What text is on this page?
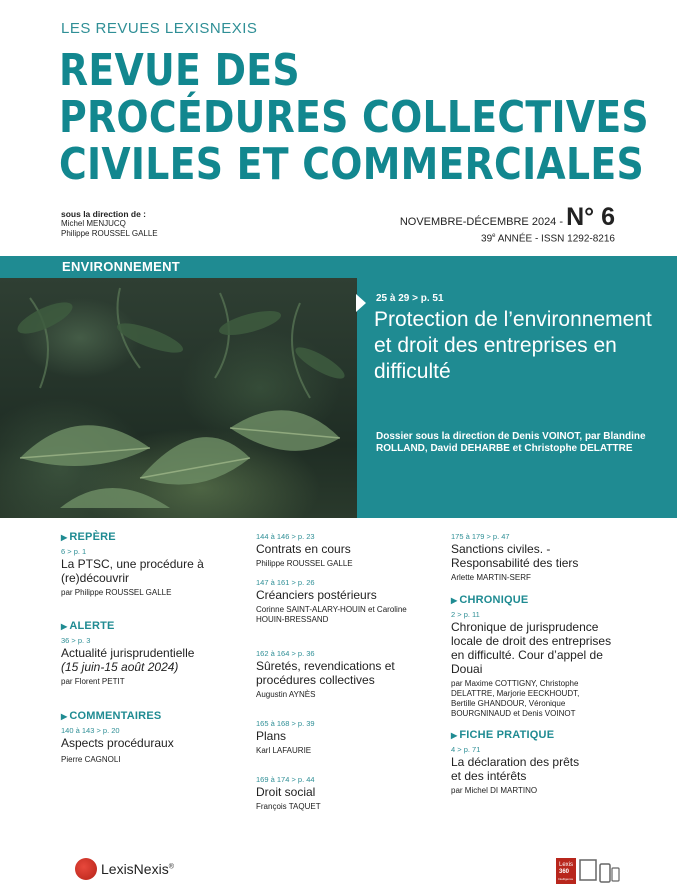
LES REVUES LEXISNEXIS
REVUE DES
PROCÉDURES COLLECTIVES
CIVILES ET COMMERCIALES
sous la direction de :
Michel MENJUCQ
Philippe ROUSSEL GALLE
NOVEMBRE-DÉCEMBRE 2024 - N° 6
39e ANNÉE - ISSN 1292-8216
ENVIRONNEMENT
25 à 29 > p. 51
Protection de l’environnement et droit des entreprises en difficulté
Dossier sous la direction de Denis VOINOT, par Blandine ROLLAND, David DEHARBE et Christophe DELATTRE
▶ REPÈRE
6 > p. 1
La PTSC, une procédure à (re)découvrir
par Philippe ROUSSEL GALLE
▶ ALERTE
36 > p. 3
Actualité jurisprudentielle
(15 juin-15 août 2024)
par Florent PETIT
▶ COMMENTAIRES
140 à 143 > p. 20
Aspects procéduraux
Pierre CAGNOLI
144 à 146 > p. 23
Contrats en cours
Philippe ROUSSEL GALLE
147 à 161 > p. 26
Créanciers postérieurs
Corinne SAINT-ALARY-HOUIN et Caroline HOUIN-BRESSAND
162 à 164 > p. 36
Sûretés, revendications et procédures collectives
Augustin AYNÈS
165 à 168 > p. 39
Plans
Karl LAFAURIE
169 à 174 > p. 44
Droit social
François TAQUET
175 à 179 > p. 47
Sanctions civiles. - Responsabilité des tiers
Arlette MARTIN-SERF
▶ CHRONIQUE
2 > p. 11
Chronique de jurisprudence locale de droit des entreprises en difficulté. Cour d’appel de Douai
par Maxime COTTIGNY, Christophe DELATTRE, Marjorie EECKHOUDT, Bertille GHANDOUR, Véronique BOURGNINAUD et Denis VOINOT
▶ FICHE PRATIQUE
4 > p. 71
La déclaration des prêts et des intérêts
par Michel DI MARTINO
LexisNexis®	Lexis
360
Intelligence
